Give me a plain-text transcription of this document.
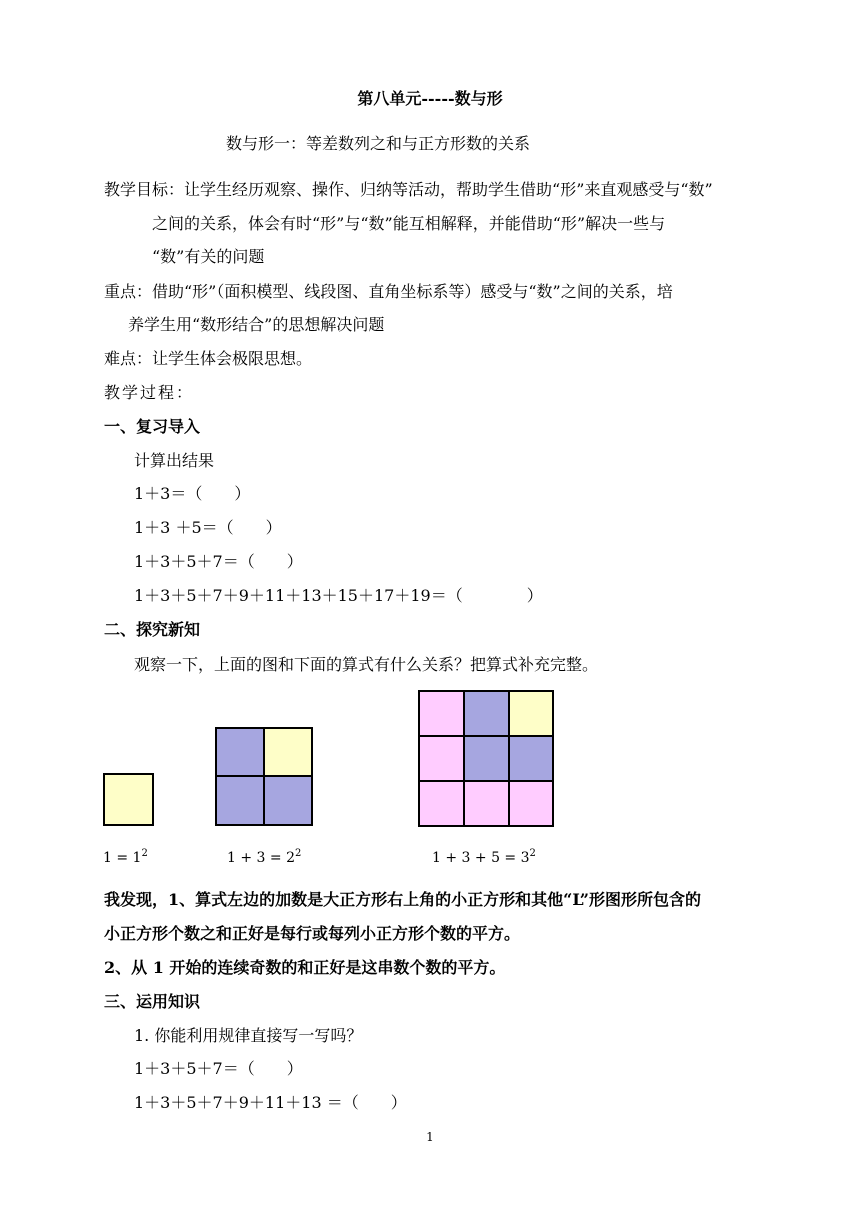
第八单元-----数与形
数与形一：等差数列之和与正方形数的关系
教学目标：让学生经历观察、操作、归纳等活动，帮助学生借助“形”来直观感受与“数”
之间的关系，体会有时“形”与“数”能互相解释，并能借助“形”解决一些与
“数”有关的问题
重点：借助“形”（面积模型、线段图、直角坐标系等）感受与“数”之间的关系，培
养学生用“数形结合”的思想解决问题
难点：让学生体会极限思想。
教学过程：
一、复习导入
计算出结果
1＋3＝（　　）
1＋3 ＋5＝（　　）
1＋3＋5＋7＝（　　）
1＋3＋5＋7＋9＋11＋13＋15＋17＋19＝（　　　　）
二、探究新知
观察一下，上面的图和下面的算式有什么关系？把算式补充完整。
$1 = 1^2$	$1 + 3 = 2^2$	$1 + 3 + 5 = 3^2$
我发现，1、算式左边的加数是大正方形右上角的小正方形和其他“L”形图形所包含的
小正方形个数之和正好是每行或每列小正方形个数的平方。
2、从 1 开始的连续奇数的和正好是这串数个数的平方。
三、运用知识
1. 你能利用规律直接写一写吗？
1＋3＋5＋7＝（　　）
1＋3＋5＋7＋9＋11＋13 ＝（　　）
1
